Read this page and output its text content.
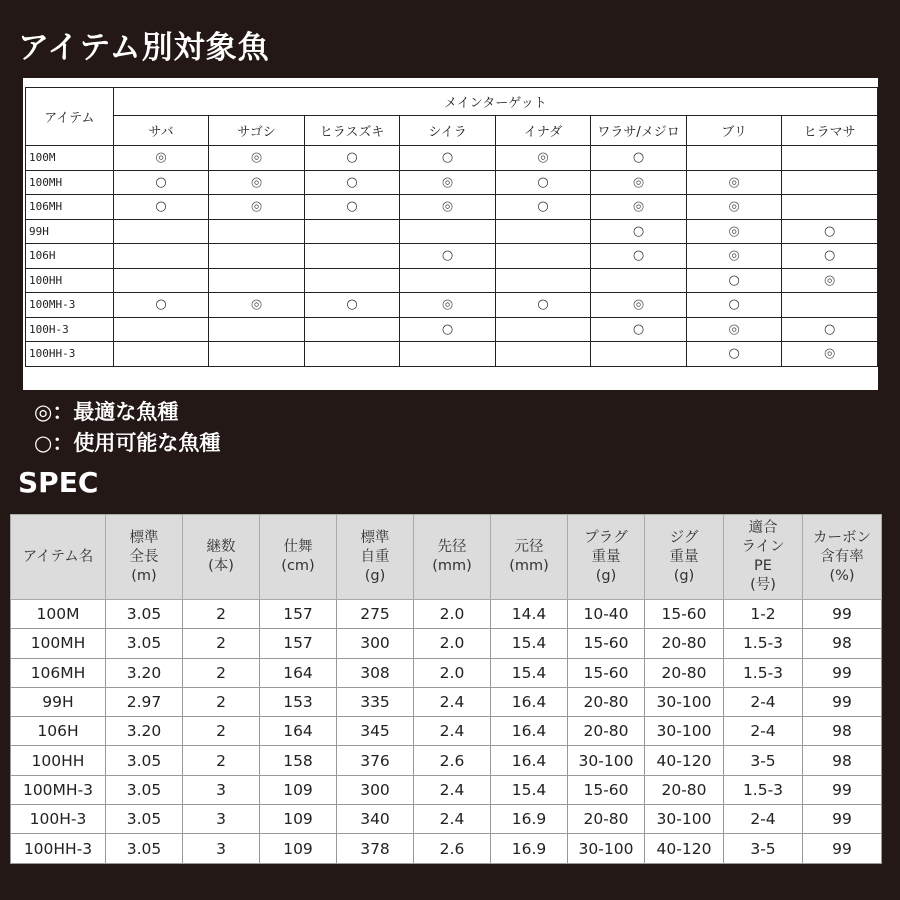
アイテム別対象魚
アイテム	メインターゲット							
	サバ	サゴシ	ヒラスズキ	シイラ	イナダ	ワラサ/メジロ	ブリ	ヒラマサ
100M	◎	◎	○	○	◎	○		
100MH	○	◎	○	◎	○	◎	◎	
106MH	○	◎	○	◎	○	◎	◎	
99H						○	◎	○
106H				○		○	◎	○
100HH							○	◎
100MH-3	○	◎	○	◎	○	◎	○	
100H-3				○		○	◎	○
100HH-3							○	◎
◎：最適な魚種
○：使用可能な魚種
SPEC
アイテム名	標準
全長
(m)	継数
(本)	仕舞
(cm)	標準
自重
(g)	先径
(mm)	元径
(mm)	プラグ
重量
(g)	ジグ
重量
(g)	適合
ライン
PE
(号)	カーボン
含有率
(%)

100M	3.05	2	157	275	2.0	14.4	10-40	15-60	1-2	99
100MH	3.05	2	157	300	2.0	15.4	15-60	20-80	1.5-3	98
106MH	3.20	2	164	308	2.0	15.4	15-60	20-80	1.5-3	99
99H	2.97	2	153	335	2.4	16.4	20-80	30-100	2-4	99
106H	3.20	2	164	345	2.4	16.4	20-80	30-100	2-4	98
100HH	3.05	2	158	376	2.6	16.4	30-100	40-120	3-5	98
100MH-3	3.05	3	109	300	2.4	15.4	15-60	20-80	1.5-3	99
100H-3	3.05	3	109	340	2.4	16.9	20-80	30-100	2-4	99
100HH-3	3.05	3	109	378	2.6	16.9	30-100	40-120	3-5	99
